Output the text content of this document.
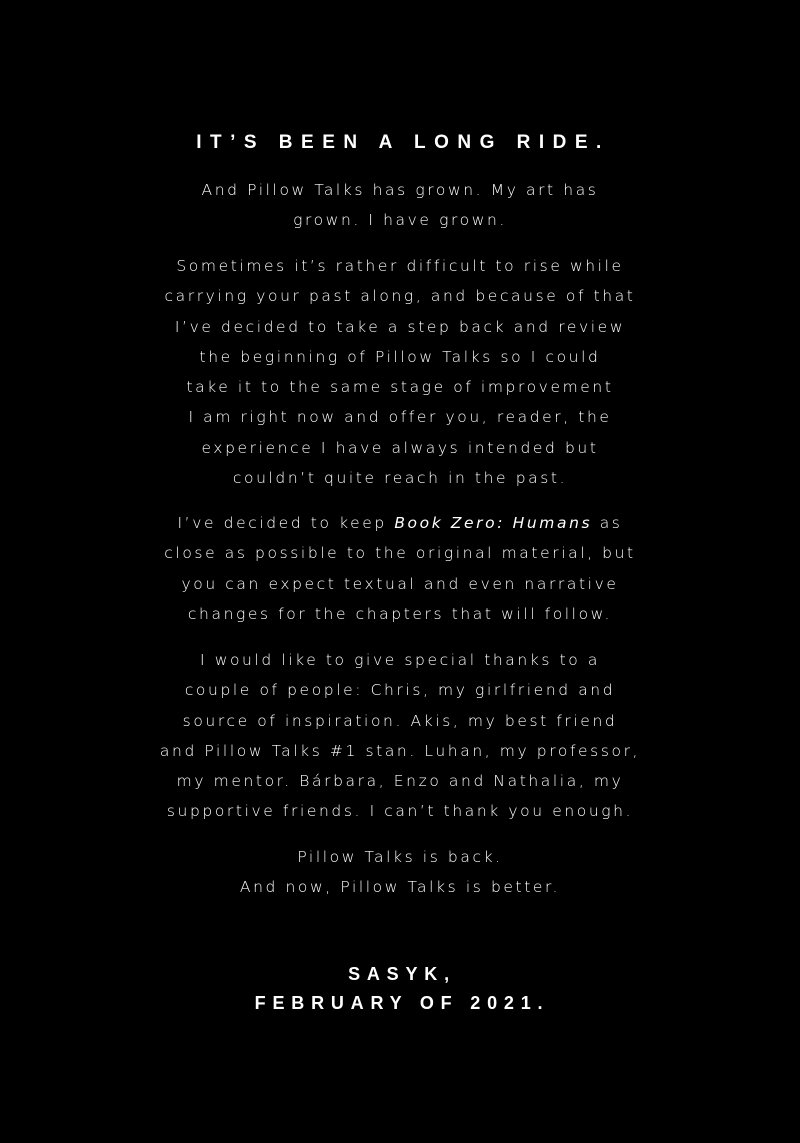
IT’S BEEN A LONG RIDE.
And Pillow Talks has grown. My art has
grown. I have grown.
Sometimes it’s rather difficult to rise while
carrying your past along, and because of that
I’ve decided to take a step back and review
the beginning of Pillow Talks so I could
take it to the same stage of improvement
I am right now and offer you, reader, the
experience I have always intended but
couldn’t quite reach in the past.
I’ve decided to keep Book Zero: Humans as
close as possible to the original material, but
you can expect textual and even narrative
changes for the chapters that will follow.
I would like to give special thanks to a
couple of people: Chris, my girlfriend and
source of inspiration. Akis, my best friend
and Pillow Talks #1 stan. Luhan, my professor,
my mentor. Bárbara, Enzo and Nathalia, my
supportive friends. I can’t thank you enough.
Pillow Talks is back.
And now, Pillow Talks is better.
SASYK,
FEBRUARY OF 2021.
